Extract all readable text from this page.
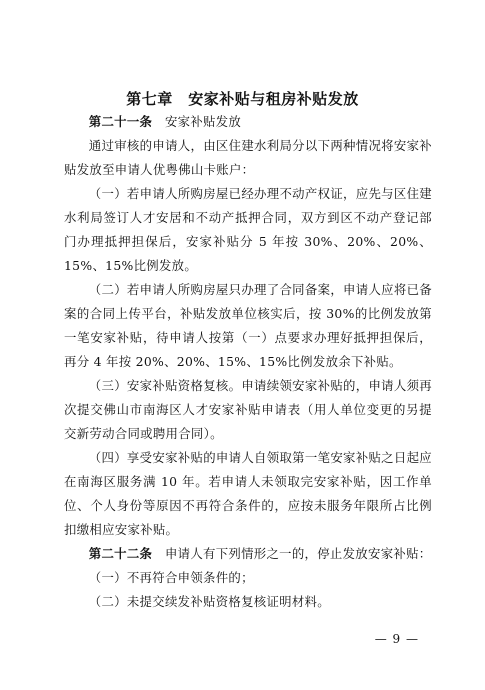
第七章　安家补贴与租房补贴发放

第二十一条　 安家补贴发放

通过审核的申请人，由区住建水利局分以下两种情况将安家补贴发放至申请人优粤佛山卡账户：

（一）若申请人所购房屋已经办理不动产权证，应先与区住建水利局签订人才安居和不动产抵押合同，双方到区不动产登记部门办理抵押担保后，安家补贴分 5 年按 30%、20%、20%、15%、15%比例发放。

（二）若申请人所购房屋只办理了合同备案，申请人应将已备案的合同上传平台，补贴发放单位核实后，按 30%的比例发放第一笔安家补贴，待申请人按第（一）点要求办理好抵押担保后，再分 4 年按 20%、20%、15%、15%比例发放余下补贴。

（三）安家补贴资格复核。申请续领安家补贴的，申请人须再次提交佛山市南海区人才安家补贴申请表（用人单位变更的另提交新劳动合同或聘用合同）。

（四）享受安家补贴的申请人自领取第一笔安家补贴之日起应在南海区服务满 10 年。若申请人未领取完安家补贴，因工作单位、个人身份等原因不再符合条件的，应按未服务年限所占比例扣缴相应安家补贴。

第二十二条　 申请人有下列情形之一的，停止发放安家补贴：

（一）不再符合申领条件的；

（二）未提交续发补贴资格复核证明材料。

— 9 —
